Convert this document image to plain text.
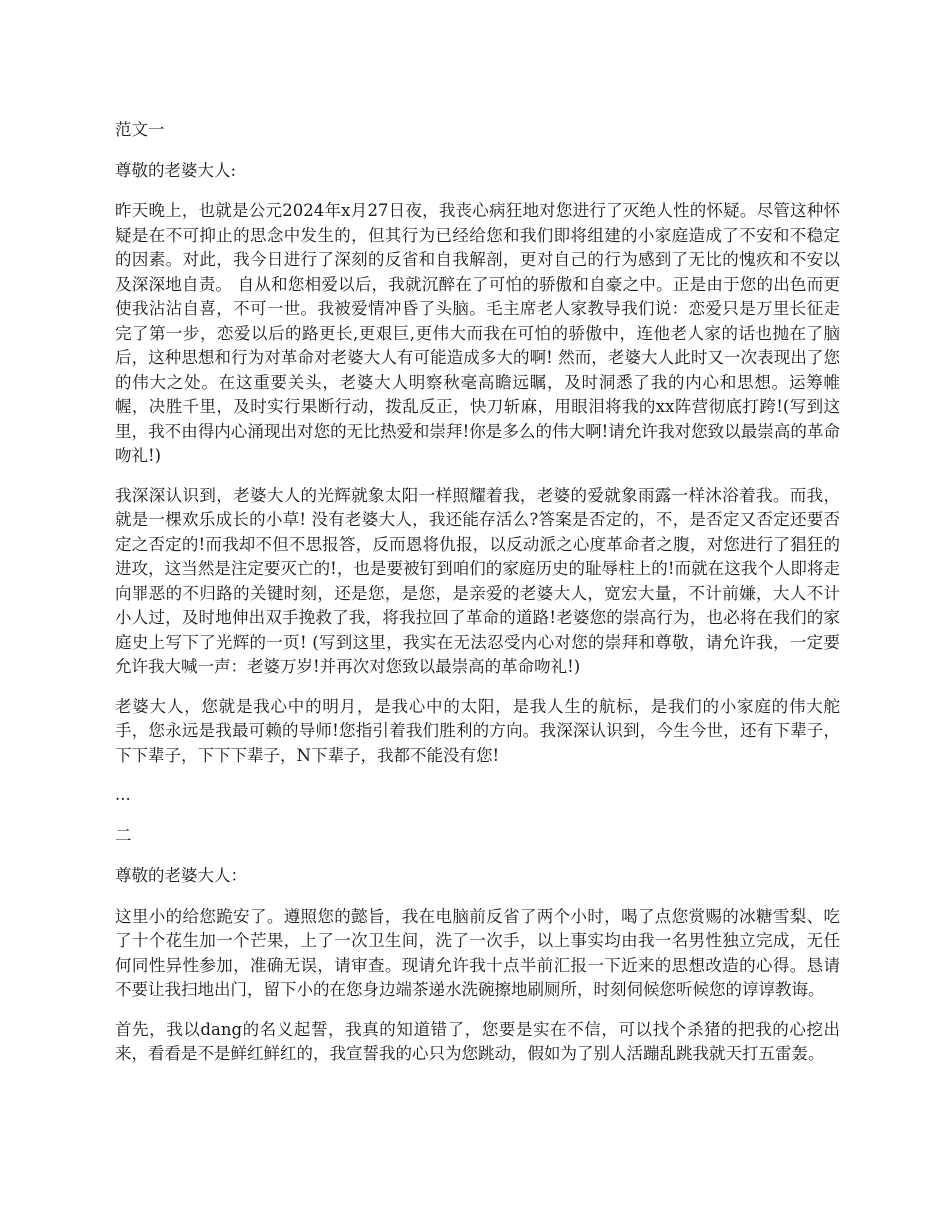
范文一

尊敬的老婆大人:

昨天晚上，也就是公元2024年x月27日夜，我丧心病狂地对您进行了灭绝人性的怀疑。尽管这种怀疑是在不可抑止的思念中发生的，但其行为已经给您和我们即将组建的小家庭造成了不安和不稳定的因素。对此，我今日进行了深刻的反省和自我解剖，更对自己的行为感到了无比的愧疚和不安以及深深地自责。 自从和您相爱以后，我就沉醉在了可怕的骄傲和自豪之中。正是由于您的出色而更使我沾沾自喜，不可一世。我被爱情冲昏了头脑。毛主席老人家教导我们说：恋爱只是万里长征走完了第一步，恋爱以后的路更长,更艰巨,更伟大而我在可怕的骄傲中，连他老人家的话也抛在了脑后，这种思想和行为对革命对老婆大人有可能造成多大的啊! 然而，老婆大人此时又一次表现出了您的伟大之处。在这重要关头，老婆大人明察秋毫高瞻远瞩，及时洞悉了我的内心和思想。运筹帷幄，决胜千里，及时实行果断行动，拨乱反正，快刀斩麻，用眼泪将我的xx阵营彻底打跨!(写到这里，我不由得内心涌现出对您的无比热爱和崇拜!你是多么的伟大啊!请允许我对您致以最崇高的革命吻礼!)

我深深认识到，老婆大人的光辉就象太阳一样照耀着我，老婆的爱就象雨露一样沐浴着我。而我，就是一棵欢乐成长的小草! 没有老婆大人，我还能存活么?答案是否定的，不，是否定又否定还要否定之否定的!而我却不但不思报答，反而恩将仇报，以反动派之心度革命者之腹，对您进行了猖狂的进攻，这当然是注定要灭亡的!，也是要被钉到咱们的家庭历史的耻辱柱上的!而就在这我个人即将走向罪恶的不归路的关键时刻，还是您，是您，是亲爱的老婆大人，宽宏大量，不计前嫌，大人不计小人过，及时地伸出双手挽救了我，将我拉回了革命的道路!老婆您的崇高行为，也必将在我们的家庭史上写下了光辉的一页! (写到这里，我实在无法忍受内心对您的崇拜和尊敬，请允许我，一定要允许我大喊一声：老婆万岁!并再次对您致以最崇高的革命吻礼!)

老婆大人，您就是我心中的明月，是我心中的太阳，是我人生的航标，是我们的小家庭的伟大舵手，您永远是我最可赖的导师!您指引着我们胜利的方向。我深深认识到，今生今世，还有下辈子，下下辈子，下下下辈子，N下辈子，我都不能没有您!

...

二

尊敬的老婆大人：

这里小的给您跪安了。遵照您的懿旨，我在电脑前反省了两个小时，喝了点您赏赐的冰糖雪梨、吃了十个花生加一个芒果，上了一次卫生间，洗了一次手，以上事实均由我一名男性独立完成，无任何同性异性参加，准确无误，请审查。现请允许我十点半前汇报一下近来的思想改造的心得。恳请不要让我扫地出门，留下小的在您身边端茶递水洗碗擦地刷厕所，时刻伺候您听候您的谆谆教诲。

首先，我以dang的名义起誓，我真的知道错了，您要是实在不信，可以找个杀猪的把我的心挖出来，看看是不是鲜红鲜红的，我宣誓我的心只为您跳动，假如为了别人活蹦乱跳我就天打五雷轰。
